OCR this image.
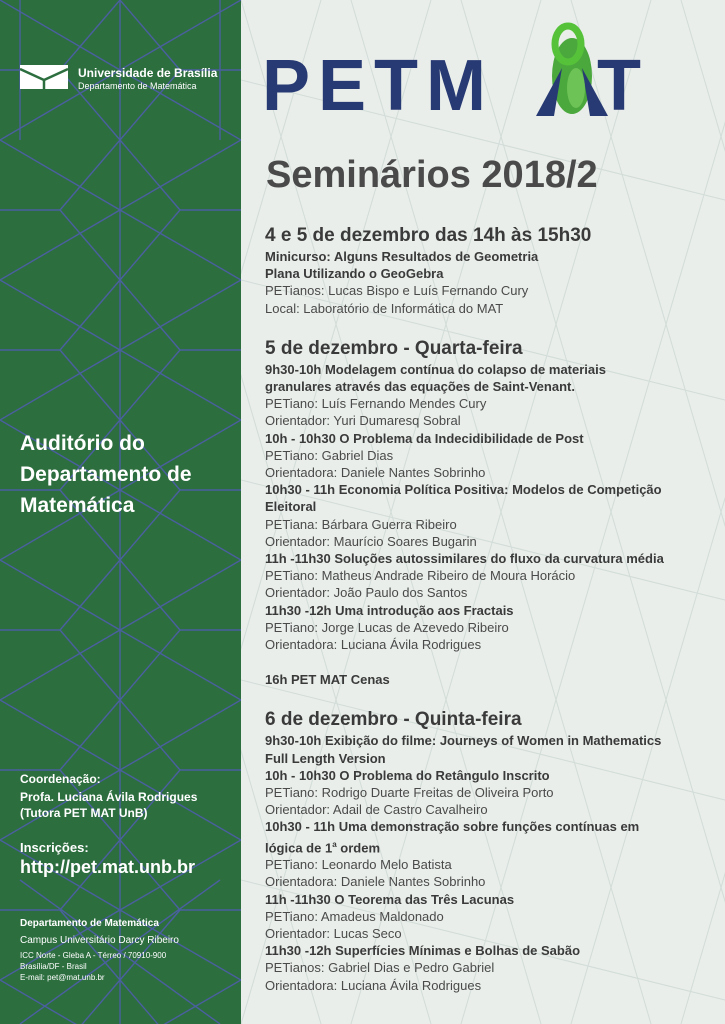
Universidade de Brasília
Departamento de Matemática
Auditório do Departamento de Matemática
Coordenação:
Profa. Luciana Ávila Rodrigues
(Tutora PET MAT UnB)
Inscrições:
http://pet.mat.unb.br
Departamento de Matemática
Campus Universitário Darcy Ribeiro
ICC Norte - Gleba A - Térreo / 70910-900
Brasília/DF - Brasil
E-mail: pet@mat.unb.br
PETM T
Seminários 2018/2

4 e 5 de dezembro das 14h às 15h30

Minicurso: Alguns Resultados de Geometria

Plana Utilizando o GeoGebra

PETianos: Lucas Bispo e Luís Fernando Cury

Local: Laboratório de Informática do MAT

5 de dezembro - Quarta-feira

9h30-10h Modelagem contínua do colapso de materiais

granulares através das equações de Saint-Venant.

PETiano: Luís Fernando Mendes Cury

Orientador: Yuri Dumaresq Sobral

10h - 10h30 O Problema da Indecidibilidade de Post

PETiano: Gabriel Dias

Orientadora: Daniele Nantes Sobrinho

10h30 - 11h Economia Política Positiva: Modelos de Competição

Eleitoral

PETiana: Bárbara Guerra Ribeiro

Orientador: Maurício Soares Bugarin

11h -11h30 Soluções autossimilares do fluxo da curvatura média

PETiano: Matheus Andrade Ribeiro de Moura Horácio

Orientador: João Paulo dos Santos

11h30 -12h Uma introdução aos Fractais

PETiano: Jorge Lucas de Azevedo Ribeiro

Orientadora: Luciana Ávila Rodrigues

16h PET MAT Cenas

6 de dezembro - Quinta-feira

9h30-10h Exibição do filme: Journeys of Women in Mathematics

Full Length Version

10h - 10h30 O Problema do Retângulo Inscrito

PETiano: Rodrigo Duarte Freitas de Oliveira Porto

Orientador: Adail de Castro Cavalheiro

10h30 - 11h Uma demonstração sobre funções contínuas em

lógica de 1$^a$ ordem

PETiano: Leonardo Melo Batista

Orientadora: Daniele Nantes Sobrinho

11h -11h30 O Teorema das Três Lacunas

PETiano: Amadeus Maldonado

Orientador: Lucas Seco

11h30 -12h Superfícies Mínimas e Bolhas de Sabão

PETianos: Gabriel Dias e Pedro Gabriel

Orientadora: Luciana Ávila Rodrigues
